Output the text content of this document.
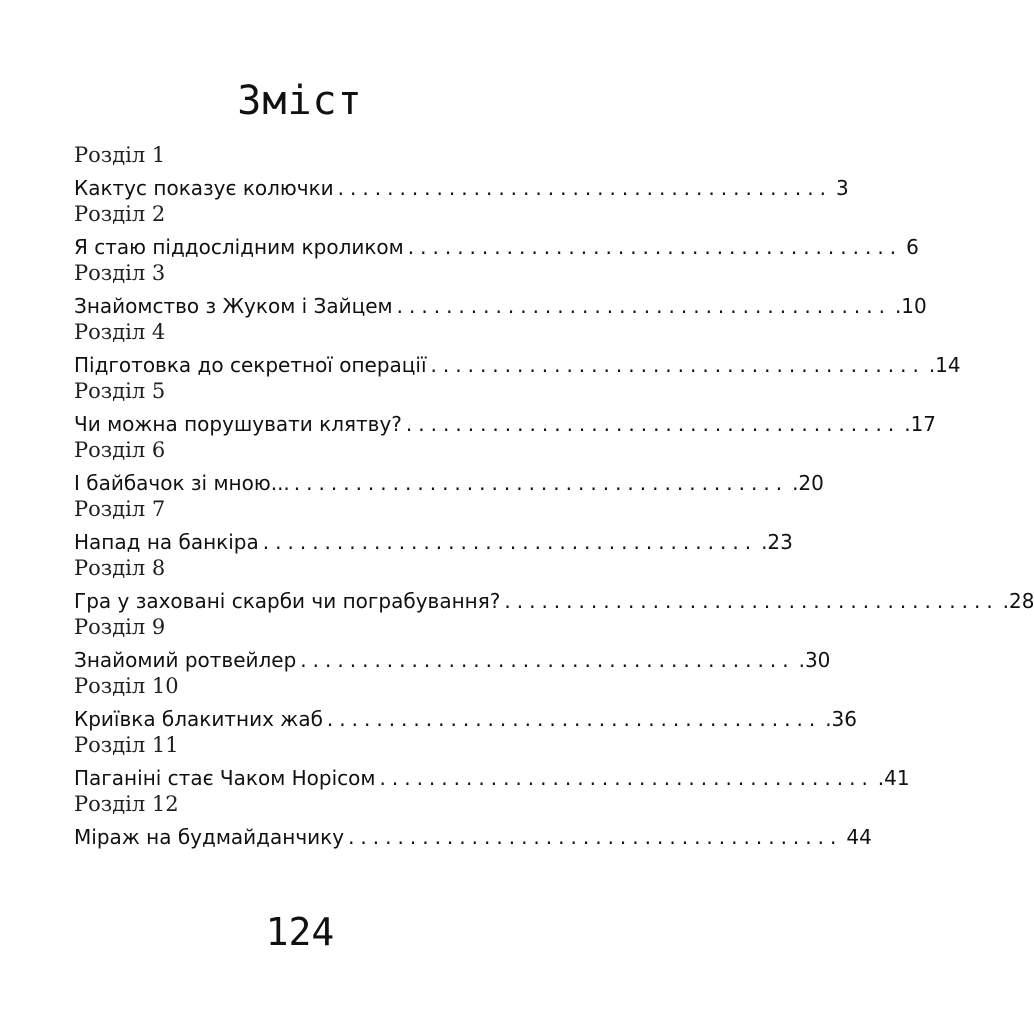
Зміст
Розділ 1
Кактус показує колючки ........................................ 3
Розділ 2
Я стаю піддослідним кроликом ........................................ 6
Розділ 3
Знайомство з Жуком і Зайцем ........................................ .10
Розділ 4
Підготовка до секретної операції ........................................ .14
Розділ 5
Чи можна порушувати клятву? ........................................ .17
Розділ 6
І байбачок зі мною... ........................................ .20
Розділ 7
Напад на банкіра ........................................ .23
Розділ 8
Гра у заховані скарби чи пограбування? ........................................ .28
Розділ 9
Знайомий ротвейлер ........................................ .30
Розділ 10
Криївка блакитних жаб ........................................ .36
Розділ 11
Паганіні стає Чаком Норісом ........................................ .41
Розділ 12
Міраж на будмайданчику ........................................ 44
124
